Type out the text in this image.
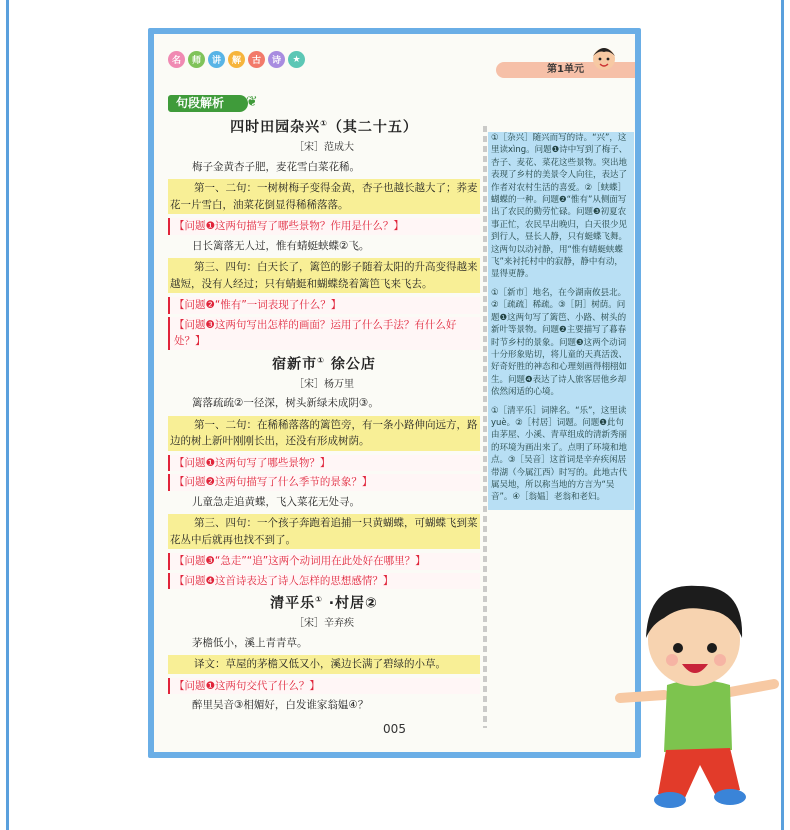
名	师	讲	解	古	诗	★
第1单元
句段解析	❦
四时田园杂兴①（其二十五）

［宋］范成大

梅子金黄杏子肥，麦花雪白菜花稀。

第一、二句：一树树梅子变得金黄，杏子也越长越大了；荞麦花一片雪白，油菜花倒显得稀稀落落。

【问题❶这两句描写了哪些景物？作用是什么？】

日长篱落无人过，惟有蜻蜓蛱蝶②飞。

第三、四句：白天长了，篱笆的影子随着太阳的升高变得越来越短，没有人经过；只有蜻蜓和蝴蝶绕着篱笆飞来飞去。

【问题❷“惟有”一词表现了什么？】

【问题❸这两句写出怎样的画面？运用了什么手法？有什么好处？】

宿新市① 徐公店

［宋］杨万里

篱落疏疏②一径深，树头新绿未成阴③。

第一、二句：在稀稀落落的篱笆旁，有一条小路伸向远方，路边的树上新叶刚刚长出，还没有形成树荫。

【问题❶这两句写了哪些景物？】

【问题❷这两句描写了什么季节的景象？】

儿童急走追黄蝶，飞入菜花无处寻。

第三、四句：一个孩子奔跑着追捕一只黄蝴蝶，可蝴蝶飞到菜花丛中后就再也找不到了。

【问题❸“急走”“追”这两个动词用在此处好在哪里？】

【问题❹这首诗表达了诗人怎样的思想感情？】

清平乐① ·村居②

［宋］辛弃疾

茅檐低小，溪上青青草。

译文：草屋的茅檐又低又小，溪边长满了碧绿的小草。

【问题❶这两句交代了什么？】

醉里吴音③相媚好，白发谁家翁媪④？

①［杂兴］随兴而写的诗。“兴”，这里读xìng。问题❶诗中写到了梅子、杏子、麦花、菜花这些景物。突出地表现了乡村的美景令人向往，表达了作者对农村生活的喜爱。②［蛱蝶］蝴蝶的一种。问题❷“惟有”从侧面写出了农民的勤劳忙碌。问题❸初夏农事正忙，农民早出晚归，白天很少见到行人，昼长人静，只有蜓蝶飞舞。这两句以动衬静，用“惟有蜻蜓蛱蝶飞”来衬托村中的寂静，静中有动，显得更静。

①［新市］地名，在今湖南攸县北。②［疏疏］稀疏。③［阴］树荫。问题❶这两句写了篱笆、小路、树头的新叶等景物。问题❷主要描写了暮春时节乡村的景象。问题❸这两个动词十分形象贴切，将儿童的天真活泼、好奇好胜的神态和心理刻画得栩栩如生。问题❹表达了诗人旅客居他乡却依然闲适的心境。

①［清平乐］词牌名。“乐”，这里读yuè。②［村居］词题。问题❶此句由茅屋、小溪、青草组成的清新秀丽的环境为画出来了。点明了环境和地点。③［吴音］这首词是辛弃疾闲居带湖（今属江西）时写的。此地古代属吴地，所以称当地的方言为“吴音”。④［翁媪］老翁和老妇。

005
